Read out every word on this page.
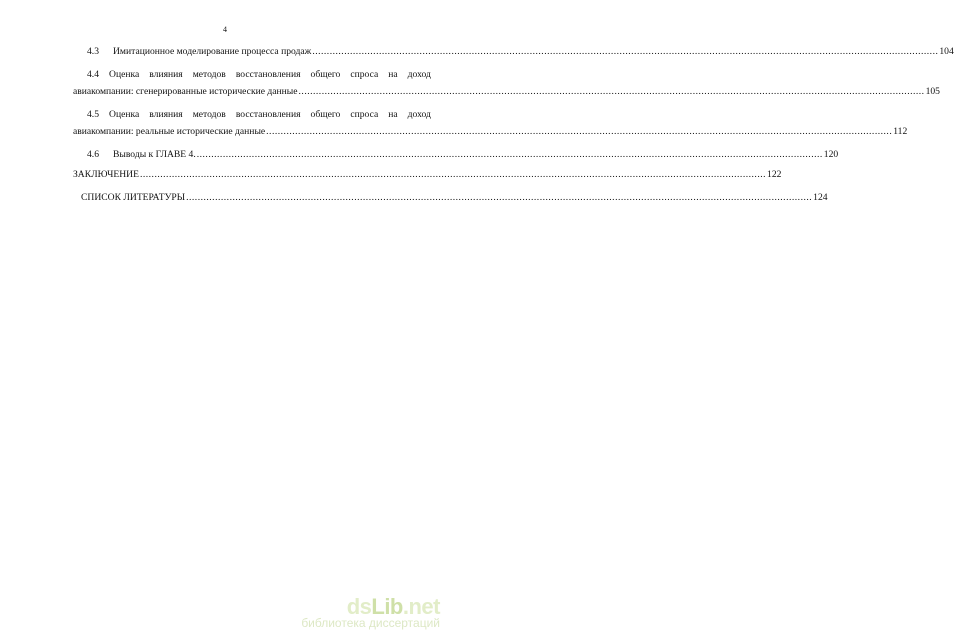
4
4.3 Имитационное моделирование процесса продаж .....	104
4.4 Оценка влияния методов восстановления общего спроса на доход
авиакомпании: сгенерированные исторические данные .....	105
4.5 Оценка влияния методов восстановления общего спроса на доход
авиакомпании: реальные исторические данные .....	112
4.6 Выводы к ГЛАВЕ 4. .....	120
ЗАКЛЮЧЕНИЕ .....	122
СПИСОК ЛИТЕРАТУРЫ .....	124
dsLib.net
библиотека диссертаций
